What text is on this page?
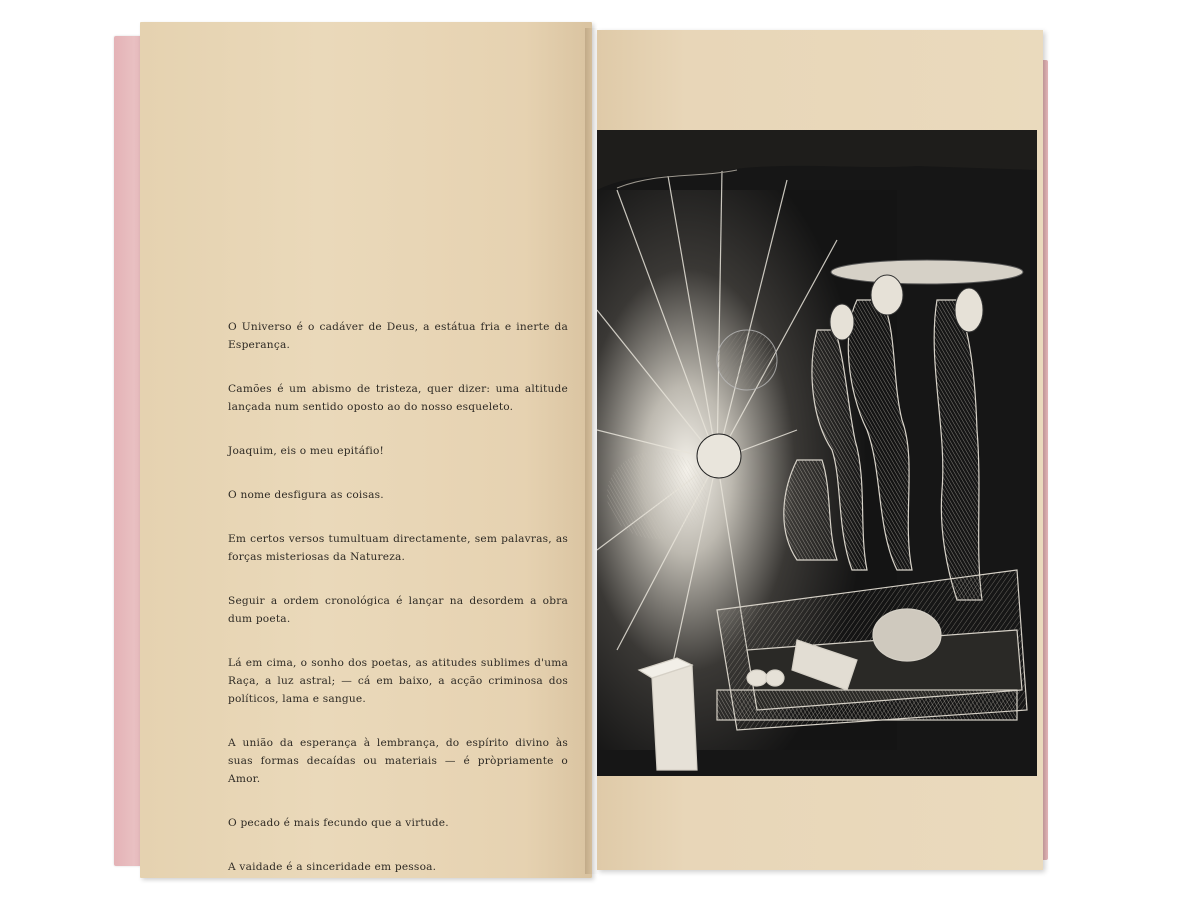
O Universo é o cadáver de Deus, a estátua fria e inerte da Esperança.

Camões é um abismo de tristeza, quer dizer: uma altitude lançada num sentido oposto ao do nosso esqueleto.

Joaquim, eis o meu epitáfio!

O nome desfigura as coisas.

Em certos versos tumultuam directamente, sem palavras, as forças misteriosas da Natureza.

Seguir a ordem cronológica é lançar na desordem a obra dum poeta.

Lá em cima, o sonho dos poetas, as atitudes sublimes d'uma Raça, a luz astral; — cá em baixo, a acção criminosa dos políticos, lama e sangue.

A união da esperança à lembrança, do espírito divino às suas formas decaídas ou materiais — é pròpriamente o Amor.

O pecado é mais fecundo que a virtude.

A vaidade é a sinceridade em pessoa.
